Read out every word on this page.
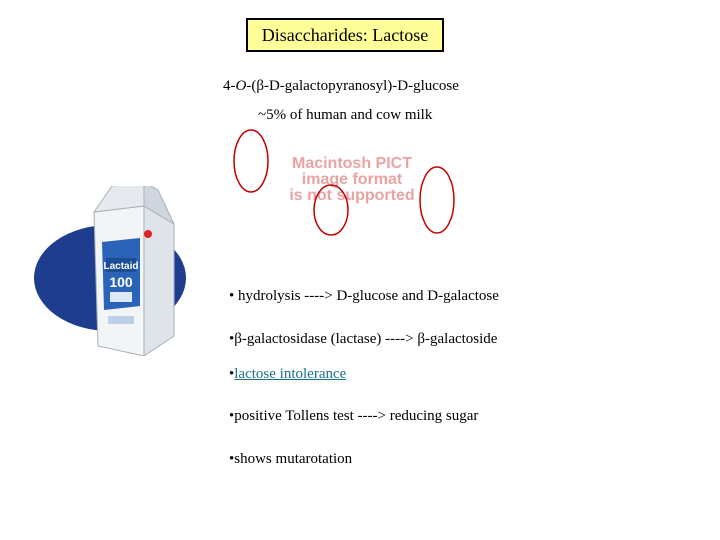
Disaccharides: Lactose
4-O-(β-D-galactopyranosyl)-D-glucose
~5% of human and cow milk
Macintosh PICT
image format
is not supported
Lactaid
100
• hydrolysis ----> D-glucose and D-galactose
•β-galactosidase (lactase) ----> β-galactoside
•lactose intolerance
•positive Tollens test ----> reducing sugar
•shows mutarotation
